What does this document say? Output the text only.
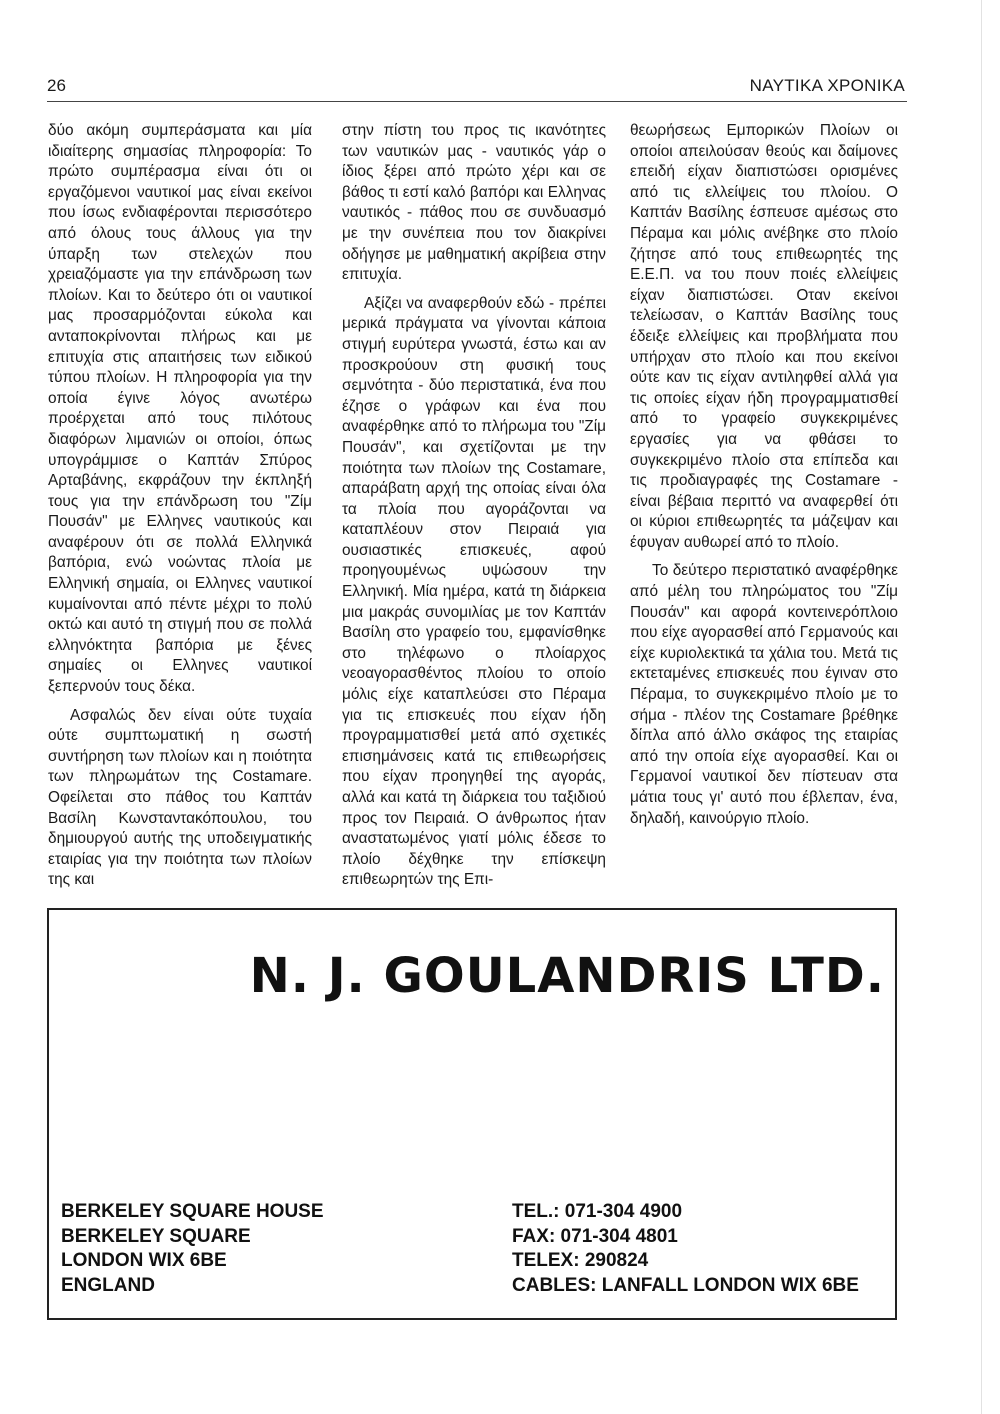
26	ΝΑΥΤΙΚΑ ΧΡΟΝΙΚΑ

δύο ακόμη συμπεράσματα και μία ιδιαίτερης σημασίας πληροφορία: Το πρώτο συμπέρασμα είναι ότι οι εργαζόμενοι ναυτικοί μας είναι εκείνοι που ίσως ενδιαφέρονται περισσότερο από όλους τους άλλους για την ύπαρξη των στελεχών που χρειαζόμαστε για την επάνδρωση των πλοίων. Και το δεύτερο ότι οι ναυτικοί μας προσαρμόζονται εύκολα και ανταποκρίνονται πλήρως και με επιτυχία στις απαιτήσεις των ειδικού τύπου πλοίων. Η πληροφορία για την οποία έγινε λόγος ανωτέρω προέρχεται από τους πιλότους διαφόρων λιμανιών οι οποίοι, όπως υπογράμμισε ο Καπτάν Σπύρος Αρταβάνης, εκφράζουν την έκπληξή τους για την επάνδρωση του "Ζίμ Πουσάν" με Ελληνες ναυτικούς και αναφέρουν ότι σε πολλά Ελληνικά βαπόρια, ενώ νοώντας πλοία με Ελληνική σημαία, οι Ελληνες ναυτικοί κυμαίνονται από πέντε μέχρι το πολύ οκτώ και αυτό τη στιγμή που σε πολλά ελληνόκτητα βαπόρια με ξένες σημαίες οι Ελληνες ναυτικοί ξεπερνούν τους δέκα.

Ασφαλώς δεν είναι ούτε τυχαία ούτε συμπτωματική η σωστή συντήρηση των πλοίων και η ποιότητα των πληρωμάτων της Costamare. Οφείλεται στο πάθος του Καπτάν Βασίλη Κωνσταντακόπουλου, του δημιουργού αυτής της υποδειγματικής εταιρίας για την ποιότητα των πλοίων της και

στην πίστη του προς τις ικανότητες των ναυτικών μας - ναυτικός γάρ ο ίδιος ξέρει από πρώτο χέρι και σε βάθος τι εστί καλό βαπόρι και Ελληνας ναυτικός - πάθος που σε συνδυασμό με την συνέπεια που τον διακρίνει οδήγησε με μαθηματική ακρίβεια στην επιτυχία.

Αξίζει να αναφερθούν εδώ - πρέπει μερικά πράγματα να γίνονται κάποια στιγμή ευρύτερα γνωστά, έστω και αν προσκρούουν στη φυσική τους σεμνότητα - δύο περιστατικά, ένα που έζησε ο γράφων και ένα που αναφέρθηκε από το πλήρωμα του "Ζίμ Πουσάν", και σχετίζονται με την ποιότητα των πλοίων της Costamare, απαράβατη αρχή της οποίας είναι όλα τα πλοία που αγοράζονται να καταπλέουν στον Πειραιά για ουσιαστικές επισκευές, αφού προηγουμένως υψώσουν την Ελληνική. Μία ημέρα, κατά τη διάρκεια μια μακράς συνομιλίας με τον Καπτάν Βασίλη στο γραφείο του, εμφανίσθηκε στο τηλέφωνο ο πλοίαρχος νεοαγορασθέντος πλοίου το οποίο μόλις είχε καταπλεύσει στο Πέραμα για τις επισκευές που είχαν ήδη προγραμματισθεί μετά από σχετικές επισημάνσεις κατά τις επιθεωρήσεις που είχαν προηγηθεί της αγοράς, αλλά και κατά τη διάρκεια του ταξιδιού προς τον Πειραιά. Ο άνθρωπος ήταν αναστατωμένος γιατί μόλις έδεσε το πλοίο δέχθηκε την επίσκεψη επιθεωρητών της Επι-

θεωρήσεως Εμπορικών Πλοίων οι οποίοι απειλούσαν θεούς και δαίμονες επειδή είχαν διαπιστώσει ορισμένες από τις ελλείψεις του πλοίου. Ο Καπτάν Βασίλης έσπευσε αμέσως στο Πέραμα και μόλις ανέβηκε στο πλοίο ζήτησε από τους επιθεωρητές της Ε.Ε.Π. να του πουν ποιές ελλείψεις είχαν διαπιστώσει. Οταν εκείνοι τελείωσαν, ο Καπτάν Βασίλης τους έδειξε ελλείψεις και προβλήματα που υπήρχαν στο πλοίο και που εκείνοι ούτε καν τις είχαν αντιληφθεί αλλά για τις οποίες είχαν ήδη προγραμματισθεί από το γραφείο συγκεκριμένες εργασίες για να φθάσει το συγκεκριμένο πλοίο στα επίπεδα και τις προδιαγραφές της Costamare - είναι βέβαια περιττό να αναφερθεί ότι οι κύριοι επιθεωρητές τα μάζεψαν και έφυγαν αυθωρεί από το πλοίο.

Το δεύτερο περιστατικό αναφέρθηκε από μέλη του πληρώματος του "Ζίμ Πουσάν" και αφορά κοντεινερόπλοιο που είχε αγορασθεί από Γερμανούς και είχε κυριολεκτικά τα χάλια του. Μετά τις εκτεταμένες επισκευές που έγιναν στο Πέραμα, το συγκεκριμένο πλοίο με το σήμα - πλέον της Costamare βρέθηκε δίπλα από άλλο σκάφος της εταιρίας από την οποία είχε αγορασθεί. Και οι Γερμανοί ναυτικοί δεν πίστευαν στα μάτια τους γι' αυτό που έβλεπαν, ένα, δηλαδή, καινούργιο πλοίο.

N. J. GOULANDRIS LTD.
BERKELEY SQUARE HOUSE
BERKELEY SQUARE
LONDON WIX 6BE
ENGLAND
TEL.: 071-304 4900
FAX: 071-304 4801
TELEX: 290824
CABLES: LANFALL LONDON WIX 6BE
